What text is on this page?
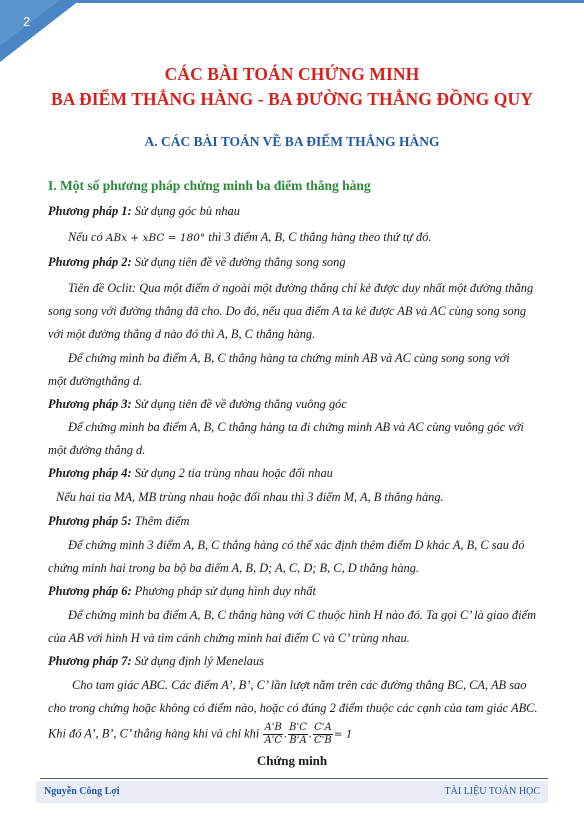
2
CÁC BÀI TOÁN CHỨNG MINH
BA ĐIỂM THẲNG HÀNG - BA ĐƯỜNG THẲNG ĐỒNG QUY
A. CÁC BÀI TOÁN VỀ BA ĐIỂM THẲNG HÀNG
I. Một số phương pháp chứng minh ba điểm thẳng hàng
Phương pháp 1: Sử dụng góc bù nhau
Nếu có ABx + xBC = 180° thì 3 điểm A, B, C thẳng hàng theo thứ tự đó.
Phương pháp 2: Sử dụng tiên đề về đường thẳng song song
Tiên đề Oclit: Qua một điểm ở ngoài một đường thẳng chỉ kẻ được duy nhất một đường thẳng
song song với đường thẳng đã cho. Do đó, nếu qua điểm A ta kẻ được AB và AC cùng song song
với một đường thẳng d nào đó thì A, B, C thẳng hàng.
Để chứng minh ba điểm A, B, C thẳng hàng ta chứng minh AB và AC cùng song song với
một đườngthẳng d.
Phương pháp 3: Sử dụng tiên đề về đường thẳng vuông góc
Để chứng minh ba điểm A, B, C thẳng hàng ta đi chứng minh AB và AC cùng vuông góc với
một đường thẳng d.
Phương pháp 4: Sử dụng 2 tia trùng nhau hoặc đối nhau
Nếu hai tia MA, MB trùng nhau hoặc đối nhau thì 3 điểm M, A, B thẳng hàng.
Phương pháp 5: Thêm điểm
Để chứng minh 3 điểm A, B, C thẳng hàng có thể xác định thêm điểm D khác A, B, C sau đó
chứng minh hai trong ba bộ ba điểm A, B, D; A, C, D; B, C, D thẳng hàng.
Phương pháp 6: Phương pháp sử dụng hình duy nhất
Để chứng minh ba điểm A, B, C thẳng hàng với C thuộc hình H nào đó. Ta gọi C’ là giao điểm
của AB với hình H và tìm cánh chứng minh hai điểm C và C’ trùng nhau.
Phương pháp 7: Sử dụng định lý Menelaus
Cho tam giác ABC. Các điểm A’, B’, C’ lần lượt nằm trên các đường thẳng BC, CA, AB sao
cho trong chứng hoặc không có điểm nào, hoặc có đúng 2 điểm thuộc các cạnh của tam giác ABC.
Khi đó A’, B’, C’ thẳng hàng khi và chỉ khi $\frac{A'B}{A'C}$ . $\frac{B'C}{B'A}$ . $\frac{C'A}{C'B} = 1$
Chứng minh
Nguyễn Công Lợi	TÀI LIỆU TOÁN HỌC
